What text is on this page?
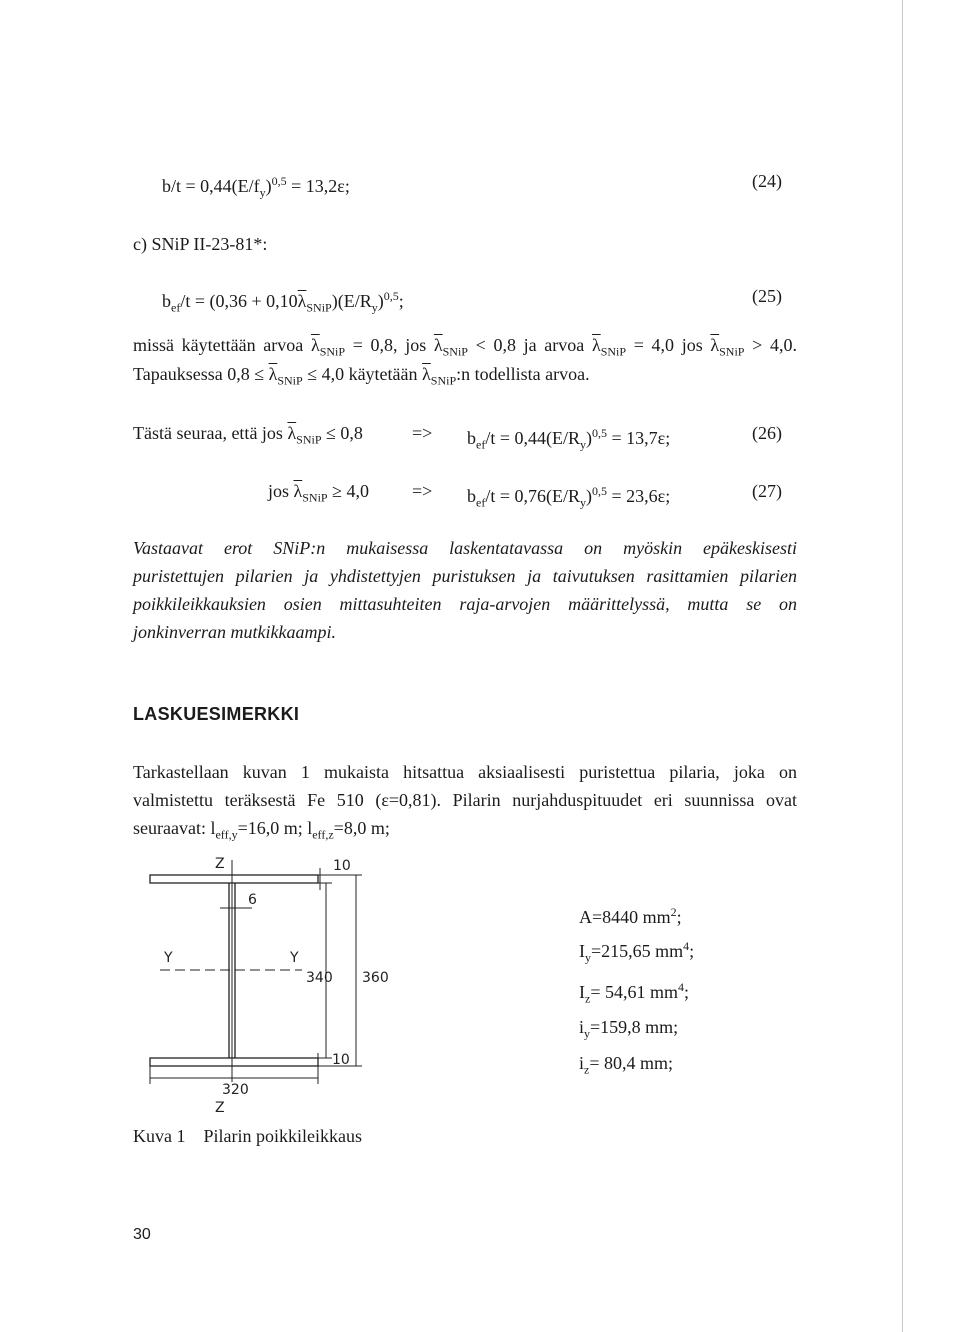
$b/t = 0,44(E/f_y)^{0,5} = 13,2\varepsilon$;	(24)
c) SNiP II-23-81*:
$b_{ef}/t = (0,36 + 0,10\overline{\lambda}_{SNiP})(E/R_y)^{0,5}$;	(25)
missä käytettään arvoa $\overline{\lambda}_{SNiP} = 0,8$, jos $\overline{\lambda}_{SNiP} < 0,8$ ja arvoa $\overline{\lambda}_{SNiP} = 4,0$ jos $\overline{\lambda}_{SNiP} > 4,0$.
Tapauksessa $0,8 \le \overline{\lambda}_{SNiP} \le 4,0$ käytetään $\overline{\lambda}_{SNiP}:n$ todellista arvoa.
Tästä seuraa, että jos $\overline{\lambda}_{SNiP} \le 0,8$	=> $b_{ef}/t = 0,44(E/R_y)^{0,5} = 13,7\varepsilon$;	(26)
jos $\overline{\lambda}_{SNiP} \ge 4,0 => b_{ef}/t = 0,76(E/R_y)^{0,5} = 23,6\varepsilon$;	(27)
Vastaavat erot SNiP:n mukaisessa laskentatavassa on myöskin epäkeskisesti
puristettujen pilarien ja yhdistettyjen puristuksen ja taivutuksen rasittamien pilarien
poikkileikkauksien osien mittasuhteiten raja-arvojen määrittelyssä, mutta se on
jonkinverran mutkikkaampi.
LASKUESIMERKKI
Tarkastellaan kuvan 1 mukaista hitsattua aksiaalisesti puristettua pilaria, joka on
valmistettu teräksestä Fe 510 (ε=0,81). Pilarin nurjahduspituudet eri suunnissa ovat
seuraavat: $l_{eff,y}=16,0$ m; $l_{eff,z}=8,0$ m;
Z
Z
Y	Y
10
10
6
340 360
320
A=8440 $mm^2$;
$I_y=215,65$ $mm^4$;
$I_z= 54,61$ $mm^4$;
$i_y=159,8$ mm;
$i_z= 80,4$ mm;
Kuva 1 Pilarin poikkileikkaus
30
